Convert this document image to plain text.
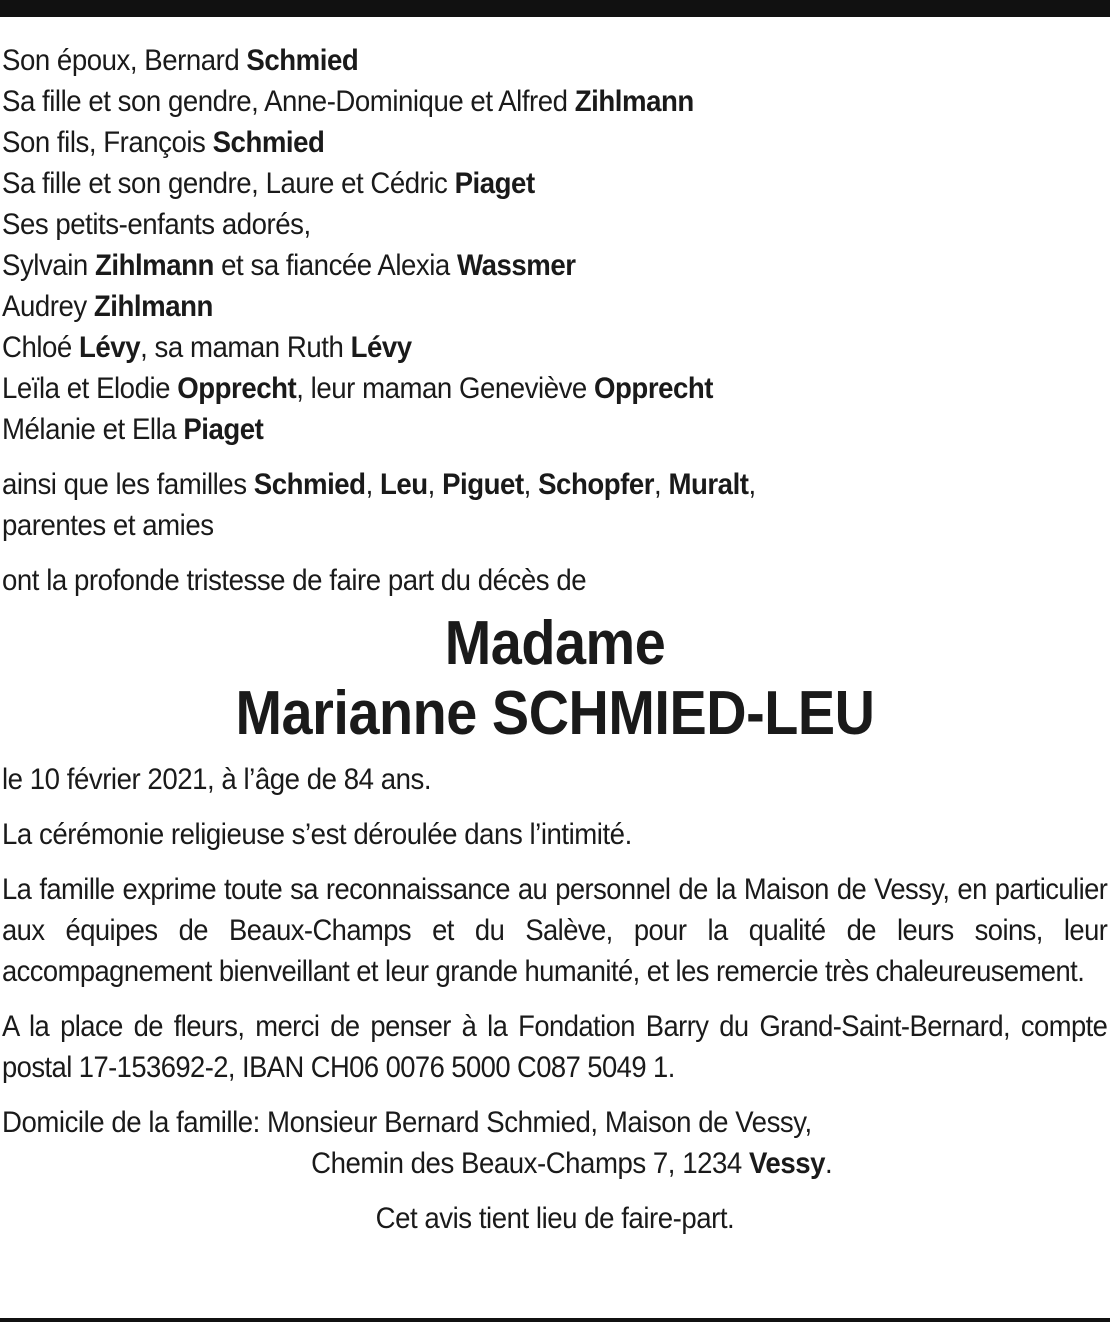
Son époux, Bernard Schmied
Sa fille et son gendre, Anne-Dominique et Alfred Zihlmann
Son fils, François Schmied
Sa fille et son gendre, Laure et Cédric Piaget
Ses petits-enfants adorés,
Sylvain Zihlmann et sa fiancée Alexia Wassmer
Audrey Zihlmann
Chloé Lévy, sa maman Ruth Lévy
Leïla et Elodie Opprecht, leur maman Geneviève Opprecht
Mélanie et Ella Piaget
ainsi que les familles Schmied, Leu, Piguet, Schopfer, Muralt,
parentes et amies
ont la profonde tristesse de faire part du décès de
Madame
Marianne SCHMIED-LEU
le 10 février 2021, à l’âge de 84 ans.
La cérémonie religieuse s’est déroulée dans l’intimité.
La famille exprime toute sa reconnaissance au personnel de la Maison de Vessy, en particulier aux équipes de Beaux-Champs et du Salève, pour la qualité de leurs soins, leur accompagnement bienveillant et leur grande humanité, et les remercie très chaleureusement.
A la place de fleurs, merci de penser à la Fondation Barry du Grand-Saint-Bernard, compte postal 17-153692-2, IBAN CH06 0076 5000 C087 5049 1.
Domicile de la famille: Monsieur Bernard Schmied, Maison de Vessy,
Chemin des Beaux-Champs 7, 1234 Vessy.
Cet avis tient lieu de faire-part.
